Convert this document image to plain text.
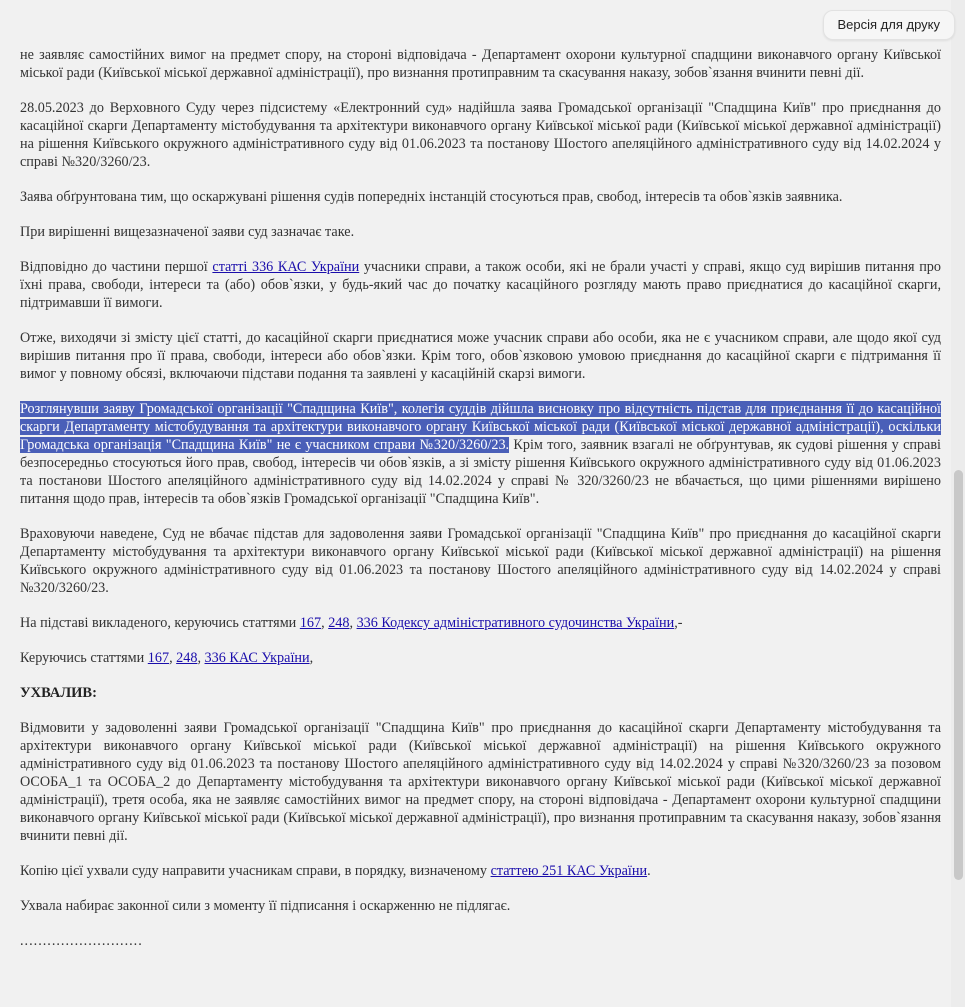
Версія для друку

не заявляє самостійних вимог на предмет спору, на стороні відповідача - Департамент охорони культурної спадщини виконавчого органу Київської міської ради (Київської міської державної адміністрації), про визнання протиправним та скасування наказу, зобов`язання вчинити певні дії.

28.05.2023 до Верховного Суду через підсистему «Електронний суд» надійшла заява Громадської організації "Спадщина Київ" про приєднання до касаційної скарги Департаменту містобудування та архітектури виконавчого органу Київської міської ради (Київської міської державної адміністрації) на рішення Київського окружного адміністративного суду від 01.06.2023 та постанову Шостого апеляційного адміністративного суду від 14.02.2024 у справі №320/3260/23.

Заява обґрунтована тим, що оскаржувані рішення судів попередніх інстанцій стосуються прав, свобод, інтересів та обов`язків заявника.

При вирішенні вищезазначеної заяви суд зазначає таке.

Відповідно до частини першої статті 336 КАС України учасники справи, а також особи, які не брали участі у справі, якщо суд вирішив питання про їхні права, свободи, інтереси та (або) обов`язки, у будь-який час до початку касаційного розгляду мають право приєднатися до касаційної скарги, підтримавши її вимоги.

Отже, виходячи зі змісту цієї статті, до касаційної скарги приєднатися може учасник справи або особи, яка не є учасником справи, але щодо якої суд вирішив питання про її права, свободи, інтереси або обов`язки. Крім того, обов`язковою умовою приєднання до касаційної скарги є підтримання її вимог у повному обсязі, включаючи підстави подання та заявлені у касаційній скарзі вимоги.

Розглянувши заяву Громадської організації "Спадщина Київ", колегія суддів дійшла висновку про відсутність підстав для приєднання її до касаційної скарги Департаменту містобудування та архітектури виконавчого органу Київської міської ради (Київської міської державної адміністрації), оскільки Громадська організація "Спадщина Київ" не є учасником справи №320/3260/23. Крім того, заявник взагалі не обґрунтував, як судові рішення у справі безпосередньо стосуються його прав, свобод, інтересів чи обов`язків, а зі змісту рішення Київського окружного адміністративного суду від 01.06.2023 та постанови Шостого апеляційного адміністративного суду від 14.02.2024 у справі № 320/3260/23 не вбачається, що цими рішеннями вирішено питання щодо прав, інтересів та обов`язків Громадської організації "Спадщина Київ".

Враховуючи наведене, Суд не вбачає підстав для задоволення заяви Громадської організації "Спадщина Київ" про приєднання до касаційної скарги Департаменту містобудування та архітектури виконавчого органу Київської міської ради (Київської міської державної адміністрації) на рішення Київського окружного адміністративного суду від 01.06.2023 та постанову Шостого апеляційного адміністративного суду від 14.02.2024 у справі №320/3260/23.

На підставі викладеного, керуючись статтями 167, 248, 336 Кодексу адміністративного судочинства України,-

Керуючись статтями 167, 248, 336 КАС України,

УХВАЛИВ:

Відмовити у задоволенні заяви Громадської організації "Спадщина Київ" про приєднання до касаційної скарги Департаменту містобудування та архітектури виконавчого органу Київської міської ради (Київської міської державної адміністрації) на рішення Київського окружного адміністративного суду від 01.06.2023 та постанову Шостого апеляційного адміністративного суду від 14.02.2024 у справі №320/3260/23 за позовом ОСОБА_1 та ОСОБА_2 до Департаменту містобудування та архітектури виконавчого органу Київської міської ради (Київської міської державної адміністрації), третя особа, яка не заявляє самостійних вимог на предмет спору, на стороні відповідача - Департамент охорони культурної спадщини виконавчого органу Київської міської ради (Київської міської державної адміністрації), про визнання протиправним та скасування наказу, зобов`язання вчинити певні дії.

Копію цієї ухвали суду направити учасникам справи, в порядку, визначеному статтею 251 КАС України.

Ухвала набирає законної сили з моменту її підписання і оскарженню не підлягає.

...........................
